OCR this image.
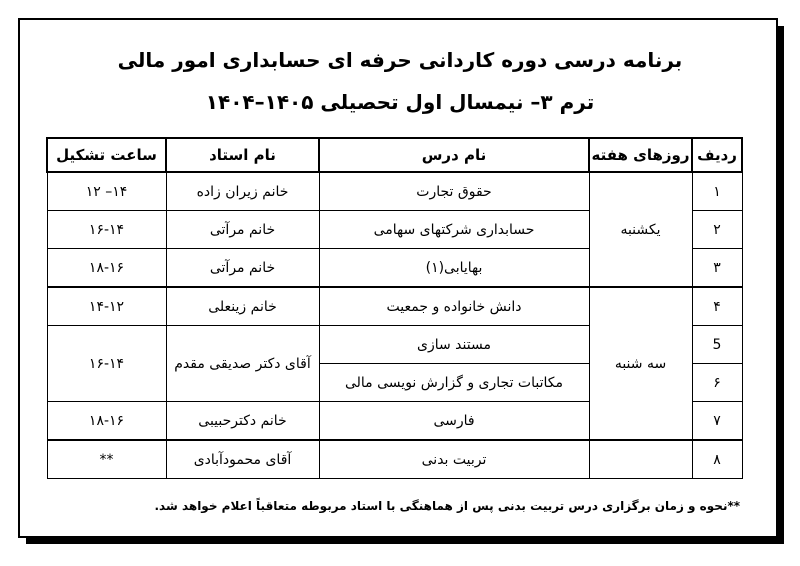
برنامه درسی دوره کاردانی حرفه ای حسابداری امور مالی
ترم ۳– نیمسال اول تحصیلی ۱۴۰۵–۱۴۰۴
ردیف	روزهای هفته	نام درس	نام استاد	ساعت تشکیل
۱	یکشنبه	حقوق تجارت	خانم زیران زاده	۱۴– ۱۲
۲		حسابداری شرکتهای سهامی	خانم مرآتی	۱۶-۱۴
۳		بهایابی(۱)	خانم مرآتی	۱۸-۱۶
۴	سه شنبه	دانش خانواده و جمعیت	خانم زینعلی	۱۴-۱۲
5		مستند سازی	آقای دکتر صدیقی مقدم	۱۶-۱۴
۶		مکاتبات تجاری و گزارش نویسی مالی		
۷		فارسی	خانم دکترحبیبی	۱۸-۱۶
۸		تربیت بدنی	آقای محمودآبادی	**
**نحوه و زمان برگزاری درس تربیت بدنی پس از هماهنگی با استاد مربوطه متعاقباً اعلام خواهد شد.
